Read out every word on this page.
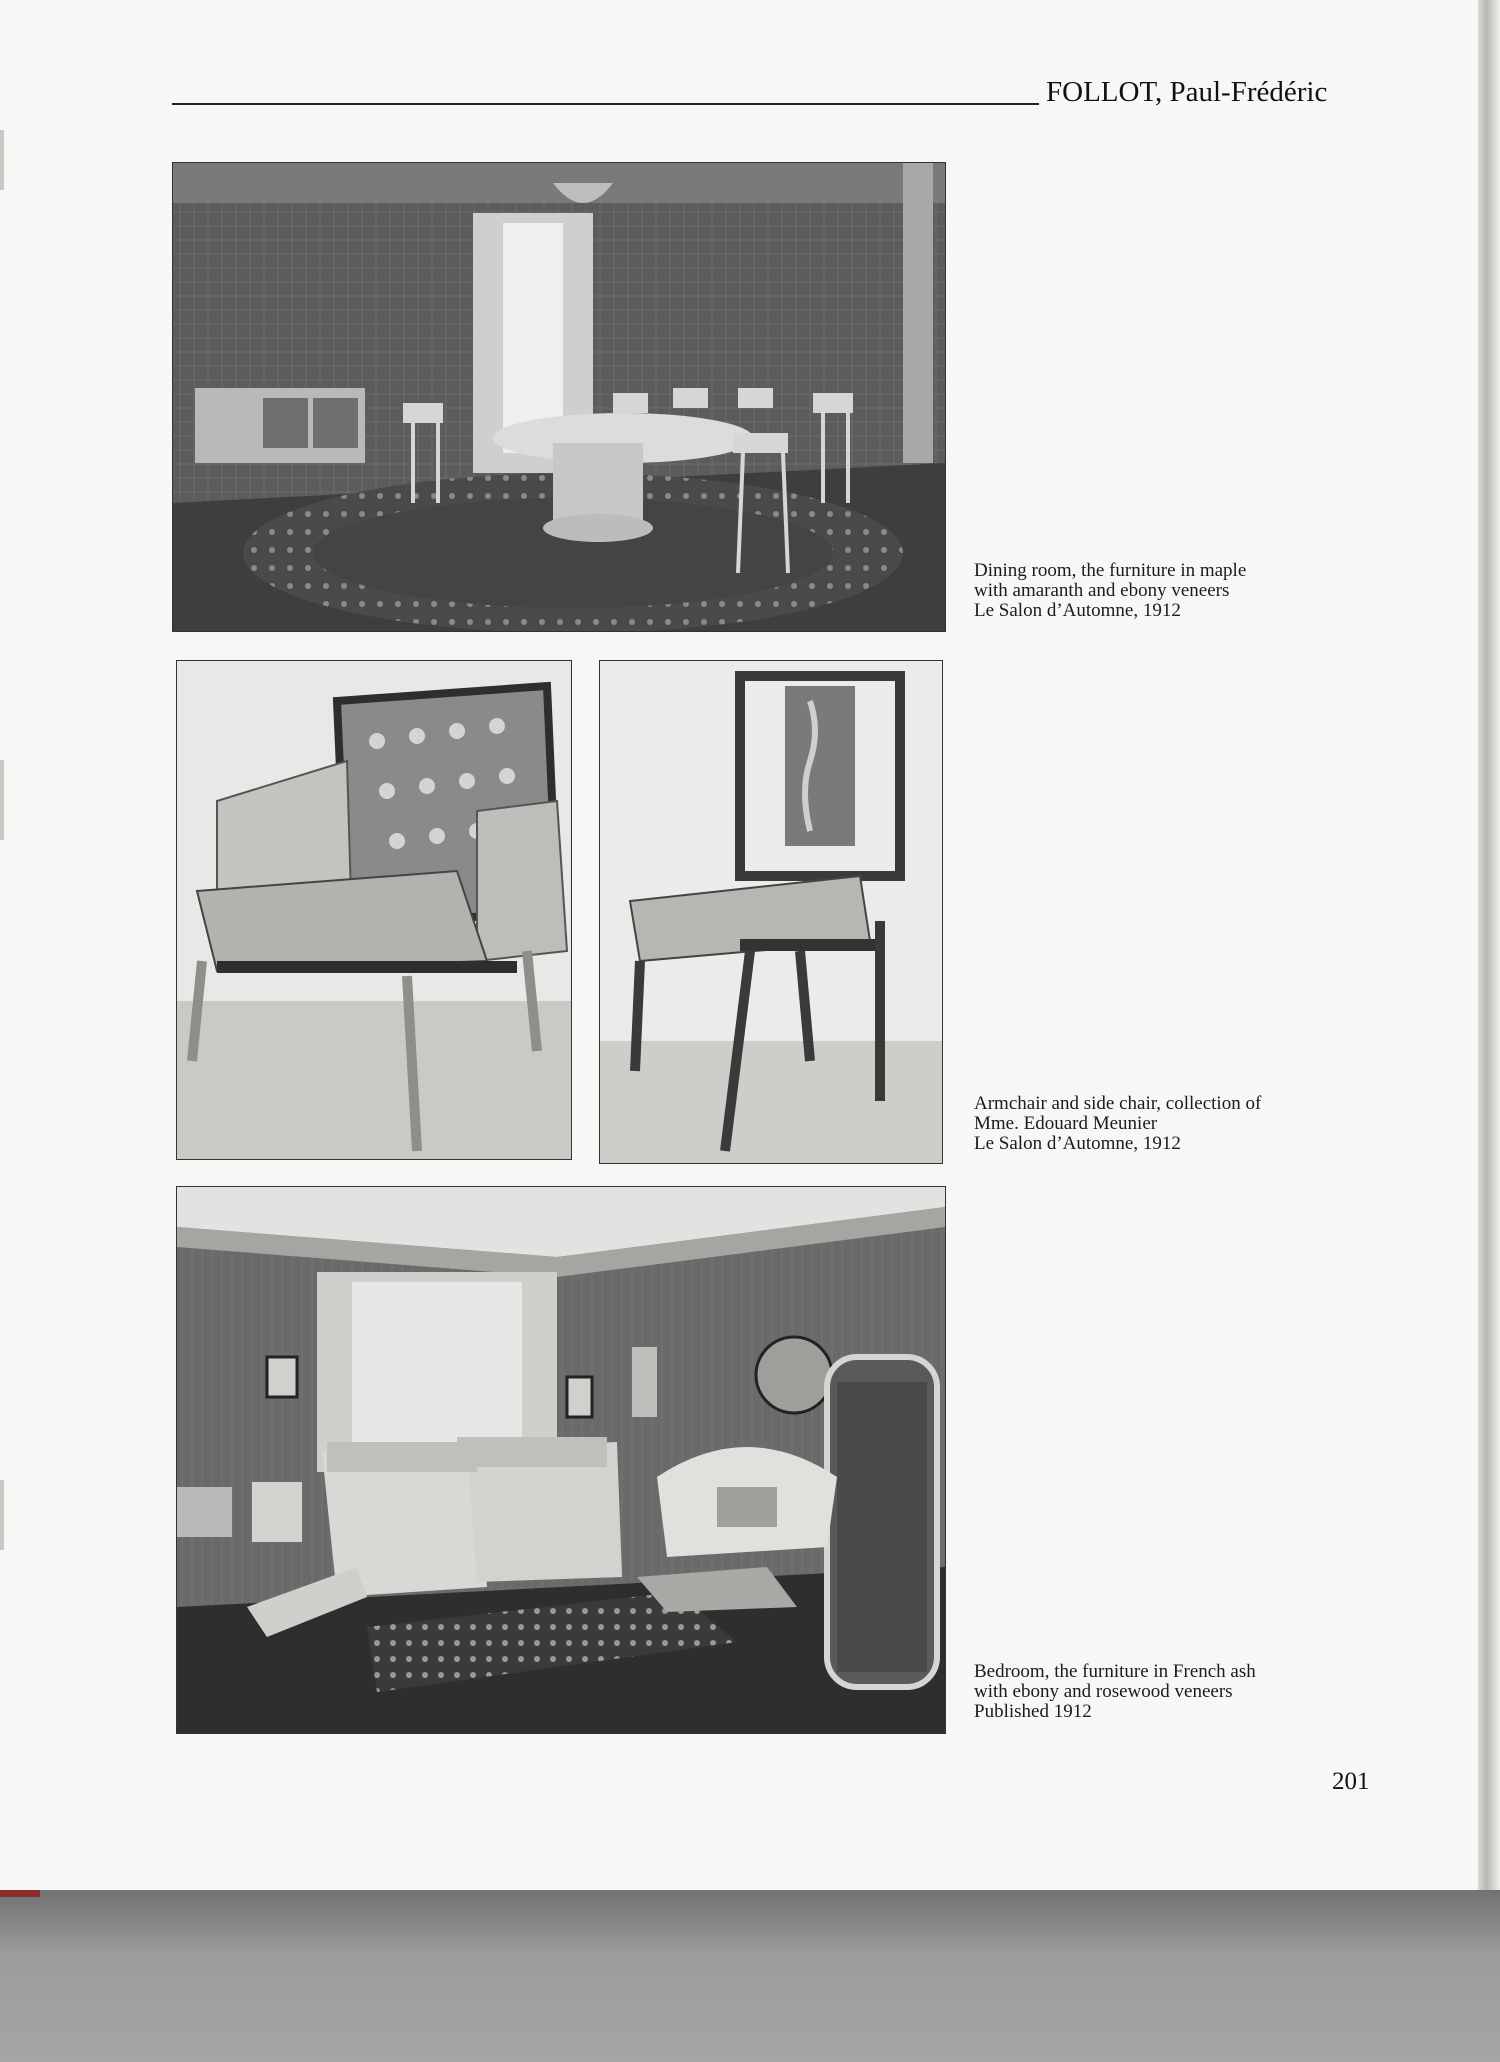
FOLLOT, Paul-Frédéric
Dining room, the furniture in maple
with amaranth and ebony veneers
Le Salon d’Automne, 1912
Armchair and side chair, collection of
Mme. Edouard Meunier
Le Salon d’Automne, 1912
Bedroom, the furniture in French ash
with ebony and rosewood veneers
Published 1912
201
